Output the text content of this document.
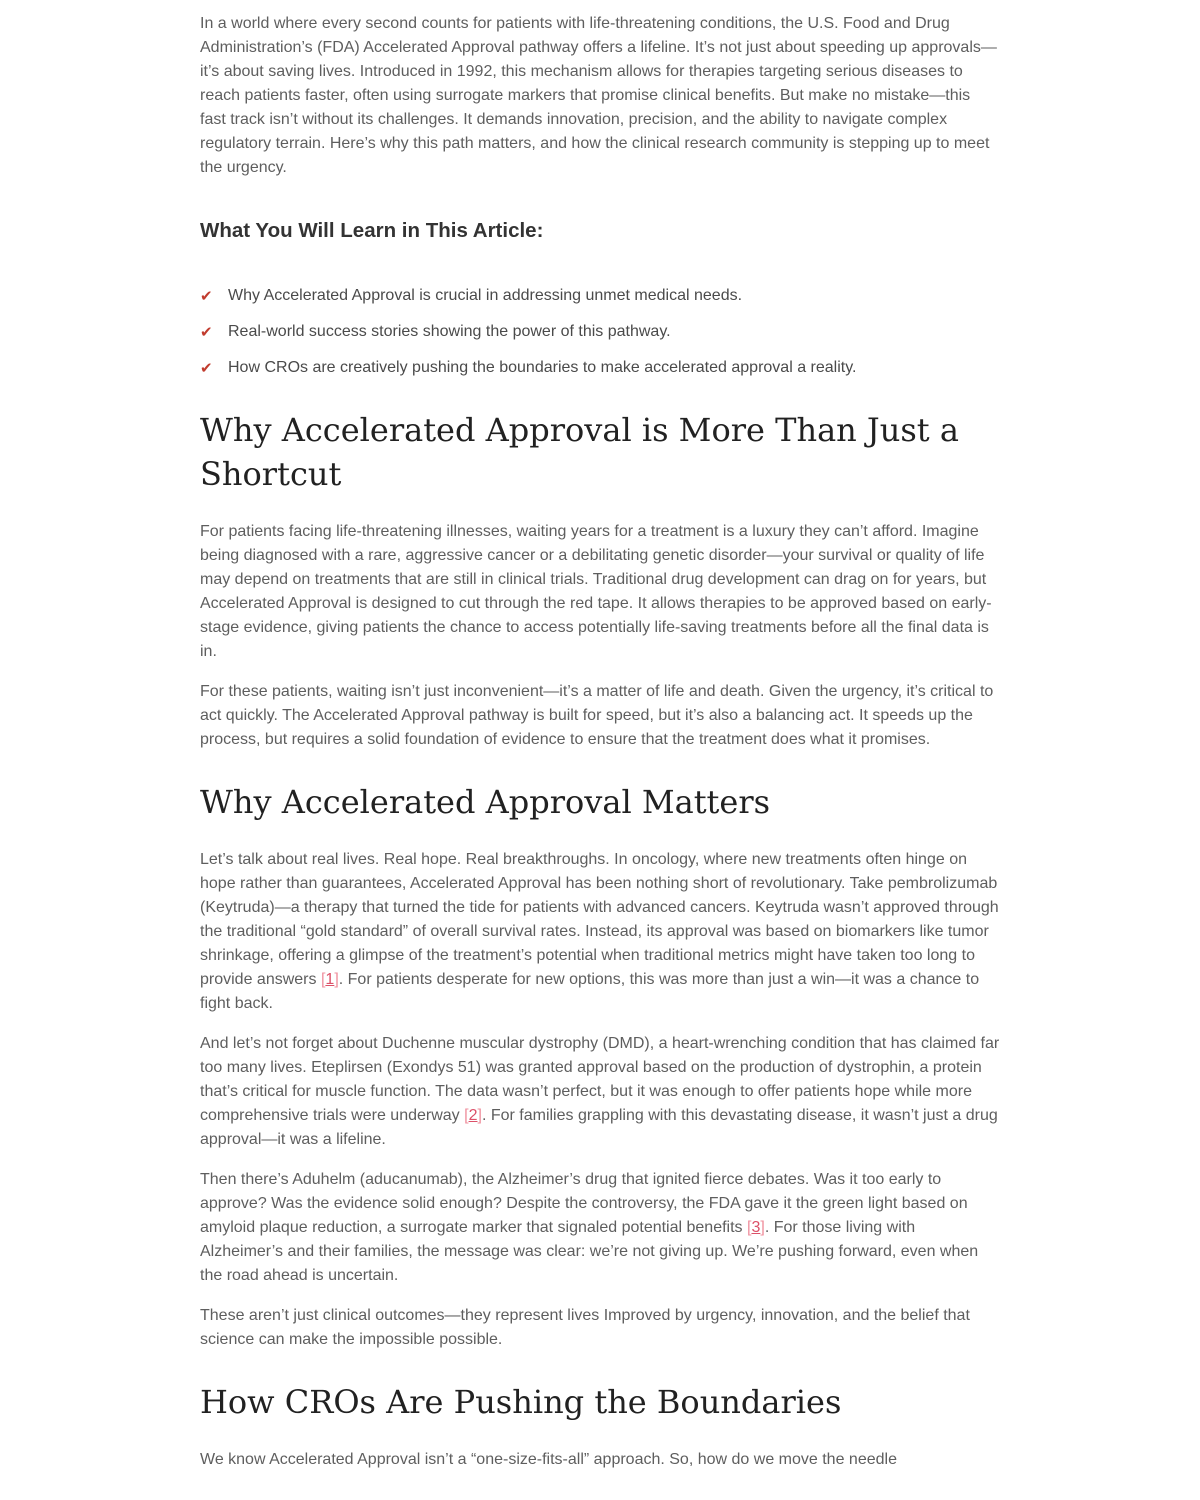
In a world where every second counts for patients with life-threatening conditions, the U.S. Food and Drug Administration’s (FDA) Accelerated Approval pathway offers a lifeline. It’s not just about speeding up approvals—it’s about saving lives. Introduced in 1992, this mechanism allows for therapies targeting serious diseases to reach patients faster, often using surrogate markers that promise clinical benefits. But make no mistake—this fast track isn’t without its challenges. It demands innovation, precision, and the ability to navigate complex regulatory terrain. Here’s why this path matters, and how the clinical research community is stepping up to meet the urgency.

What You Will Learn in This Article:
✔ Why Accelerated Approval is crucial in addressing unmet medical needs.
✔ Real-world success stories showing the power of this pathway.
✔ How CROs are creatively pushing the boundaries to make accelerated approval a reality.
Why Accelerated Approval is More Than Just a Shortcut

For patients facing life-threatening illnesses, waiting years for a treatment is a luxury they can’t afford. Imagine being diagnosed with a rare, aggressive cancer or a debilitating genetic disorder—your survival or quality of life may depend on treatments that are still in clinical trials. Traditional drug development can drag on for years, but Accelerated Approval is designed to cut through the red tape. It allows therapies to be approved based on early-stage evidence, giving patients the chance to access potentially life-saving treatments before all the final data is in.

For these patients, waiting isn’t just inconvenient—it’s a matter of life and death. Given the urgency, it’s critical to act quickly. The Accelerated Approval pathway is built for speed, but it’s also a balancing act. It speeds up the process, but requires a solid foundation of evidence to ensure that the treatment does what it promises.

Why Accelerated Approval Matters

Let’s talk about real lives. Real hope. Real breakthroughs. In oncology, where new treatments often hinge on hope rather than guarantees, Accelerated Approval has been nothing short of revolutionary. Take pembrolizumab (Keytruda)—a therapy that turned the tide for patients with advanced cancers. Keytruda wasn’t approved through the traditional “gold standard” of overall survival rates. Instead, its approval was based on biomarkers like tumor shrinkage, offering a glimpse of the treatment’s potential when traditional metrics might have taken too long to provide answers [1]. For patients desperate for new options, this was more than just a win—it was a chance to fight back.

And let’s not forget about Duchenne muscular dystrophy (DMD), a heart-wrenching condition that has claimed far too many lives. Eteplirsen (Exondys 51) was granted approval based on the production of dystrophin, a protein that’s critical for muscle function. The data wasn’t perfect, but it was enough to offer patients hope while more comprehensive trials were underway [2]. For families grappling with this devastating disease, it wasn’t just a drug approval—it was a lifeline.

Then there’s Aduhelm (aducanumab), the Alzheimer’s drug that ignited fierce debates. Was it too early to approve? Was the evidence solid enough? Despite the controversy, the FDA gave it the green light based on amyloid plaque reduction, a surrogate marker that signaled potential benefits [3]. For those living with Alzheimer’s and their families, the message was clear: we’re not giving up. We’re pushing forward, even when the road ahead is uncertain.

These aren’t just clinical outcomes—they represent lives Improved by urgency, innovation, and the belief that science can make the impossible possible.

How CROs Are Pushing the Boundaries

We know Accelerated Approval isn’t a “one-size-fits-all” approach. So, how do we move the needle
